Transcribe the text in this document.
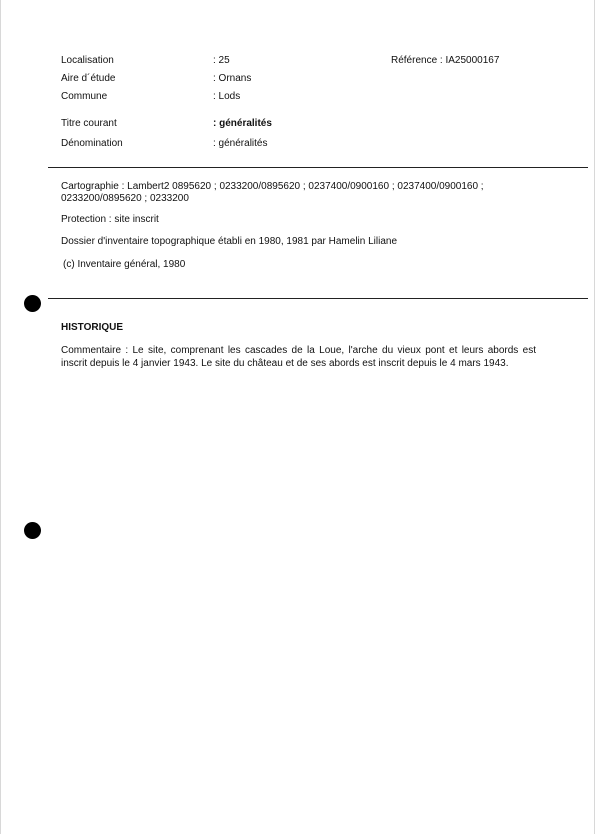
Localisation	: 25	Référence : IA25000167
Aire d´étude	: Ornans
Commune	: Lods
Titre courant	: généralités
Dénomination	: généralités
Cartographie : Lambert2 0895620 ; 0233200/0895620 ; 0237400/0900160 ; 0237400/0900160 ;
0233200/0895620 ; 0233200
Protection : site inscrit
Dossier d'inventaire topographique établi en 1980, 1981 par Hamelin Liliane
(c) Inventaire général, 1980
HISTORIQUE
Commentaire : Le site, comprenant les cascades de la Loue, l'arche du vieux pont et leurs abords est inscrit depuis le 4 janvier 1943. Le site du château et de ses abords est inscrit depuis le 4 mars 1943.
